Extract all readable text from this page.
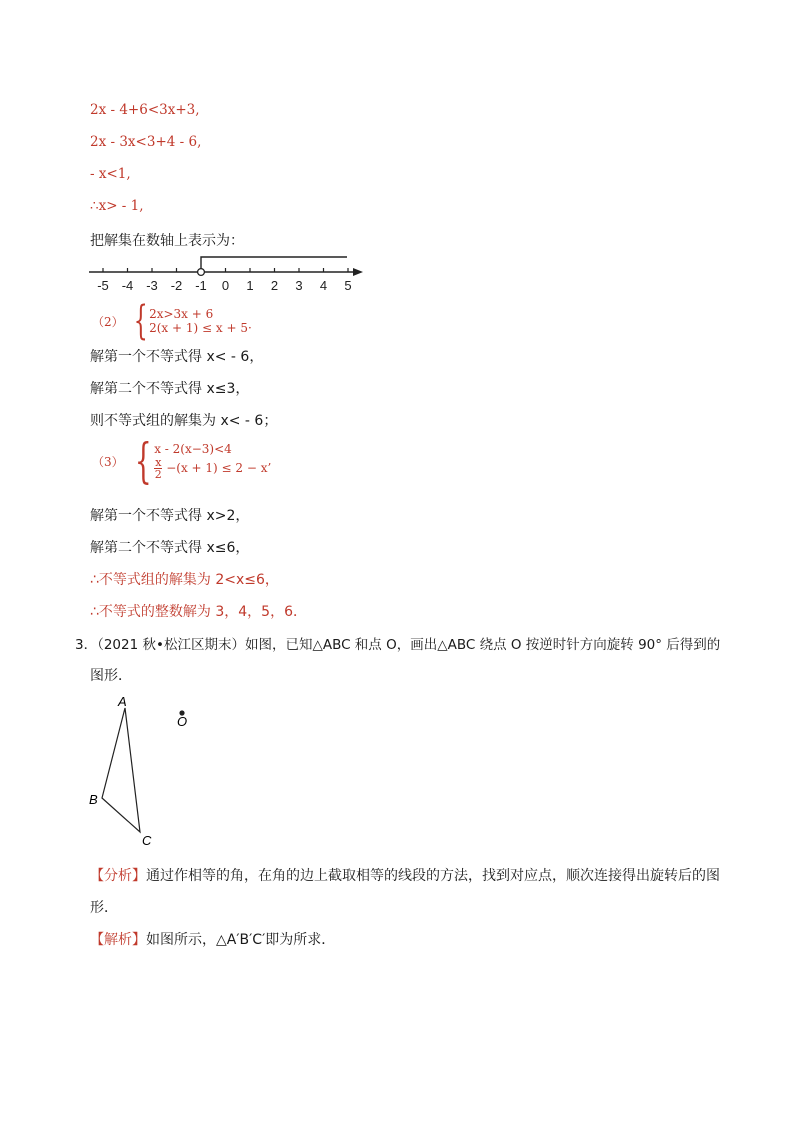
2x - 4+6<3x+3,
2x - 3x<3+4 - 6,
- x<1,
∴x> - 1,
把解集在数轴上表示为：
-5 -4 -3 -2 -1 0 1 2 3 4 5
（2） { 2x>3x + 6
2(x + 1) ≤ x + 5·
解第一个不等式得 x< - 6，
解第二个不等式得 x≤3，
则不等式组的解集为 x< - 6；
（3） { x - 2(x−3)<4
$\frac{x}{2} -(x + 1) \le 2 - x$’
解第一个不等式得 x>2，
解第二个不等式得 x≤6，
∴不等式组的解集为 2<x≤6，
∴不等式的整数解为 3，4，5，6．
3．（2021 秋•松江区期末）如图，已知△ABC 和点 O，画出△ABC 绕点 O 按逆时针方向旋转 90° 后得到的
图形．
A
B
C
O
【分析】通过作相等的角，在角的边上截取相等的线段的方法，找到对应点，顺次连接得出旋转后的图
形．
【解析】如图所示，△A′B′C′即为所求．
